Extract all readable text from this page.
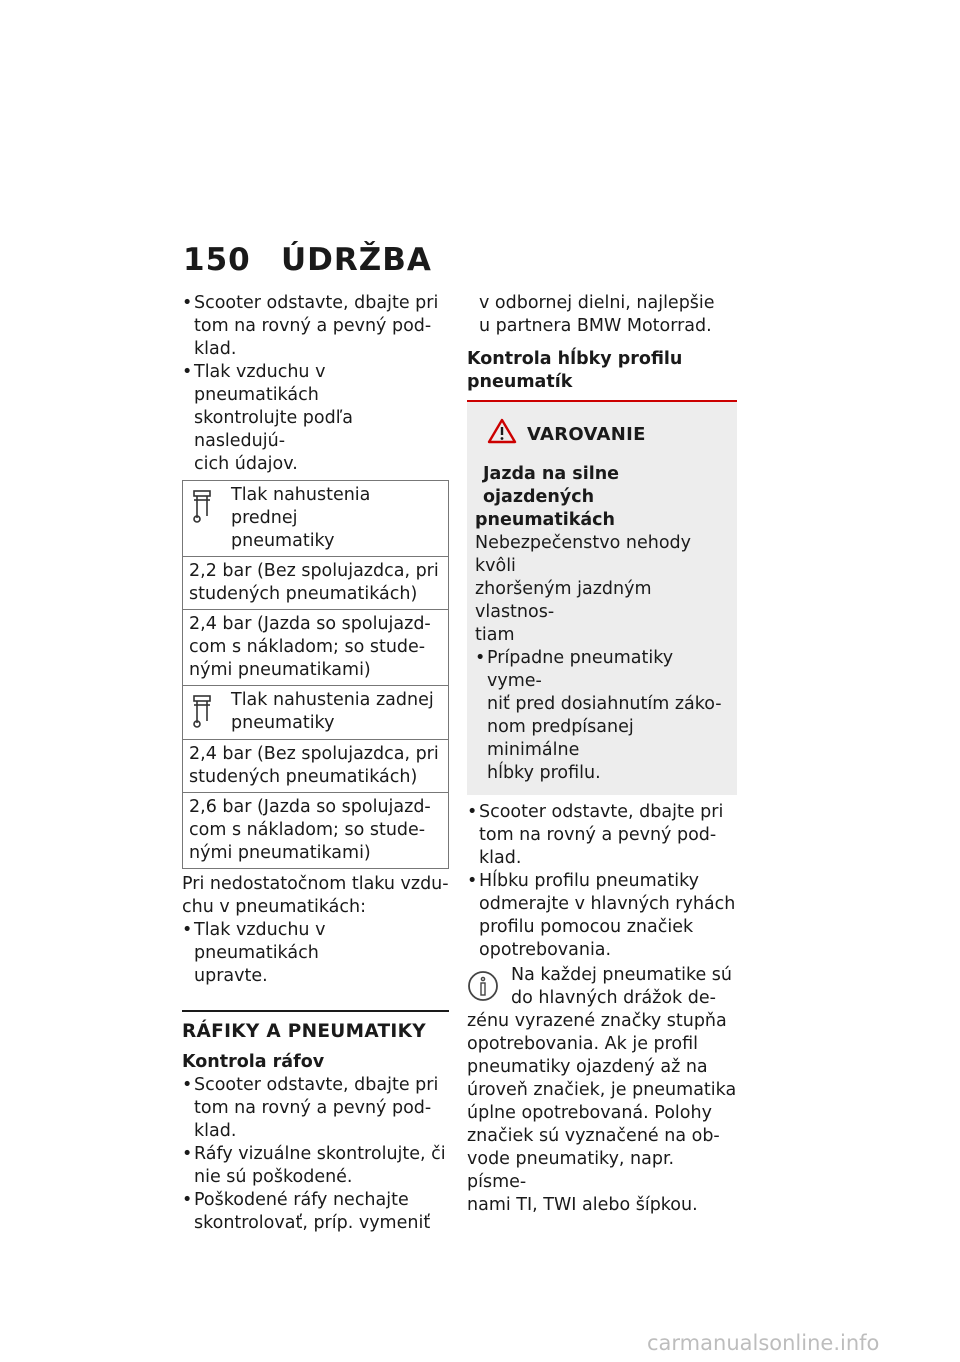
150 ÚDRŽBA
• Scooter odstavte, dbajte pri
tom na rovný a pevný pod-
klad.
• Tlak vzduchu v pneumatikách
skontrolujte podľa nasledujú-
cich údajov.
Tlak nahustenia prednej
pneumatiky
2,2 bar (Bez spolujazdca, pri
studených pneumatikách)
2,4 bar (Jazda so spolujazd-
com s nákladom; so stude-
nými pneumatikami)
Tlak nahustenia zadnej
pneumatiky
2,4 bar (Bez spolujazdca, pri
studených pneumatikách)
2,6 bar (Jazda so spolujazd-
com s nákladom; so stude-
nými pneumatikami)

Pri nedostatočnom tlaku vzdu-
chu v pneumatikách:

• Tlak vzduchu v pneumatikách
upravte.
RÁFIKY A PNEUMATIKY
Kontrola ráfov
• Scooter odstavte, dbajte pri
tom na rovný a pevný pod-
klad.
• Ráfy vizuálne skontrolujte, či
nie sú poškodené.
• Poškodené ráfy nechajte
skontrolovať, príp. vymeniť
v odbornej dielni, najlepšie
u partnera BMW Motorrad.
Kontrola hĺbky profilu
pneumatík
VAROVANIE
Jazda na silne ojazdených
pneumatikách
Nebezpečenstvo nehody kvôli
zhoršeným jazdným vlastnos-
tiam
• Prípadne pneumatiky vyme-
niť pred dosiahnutím záko-
nom predpísanej minimálne
hĺbky profilu.
• Scooter odstavte, dbajte pri
tom na rovný a pevný pod-
klad.
• Hĺbku profilu pneumatiky
odmerajte v hlavných ryhách
profilu pomocou značiek
opotrebovania.
Na každej pneumatike sú
do hlavných drážok de-
zénu vyrazené značky stupňa
opotrebovania. Ak je profil
pneumatiky ojazdený až na
úroveň značiek, je pneumatika
úplne opotrebovaná. Polohy
značiek sú vyznačené na ob-
vode pneumatiky, napr. písme-
nami TI, TWI alebo šípkou.
carmanualsonline.info
